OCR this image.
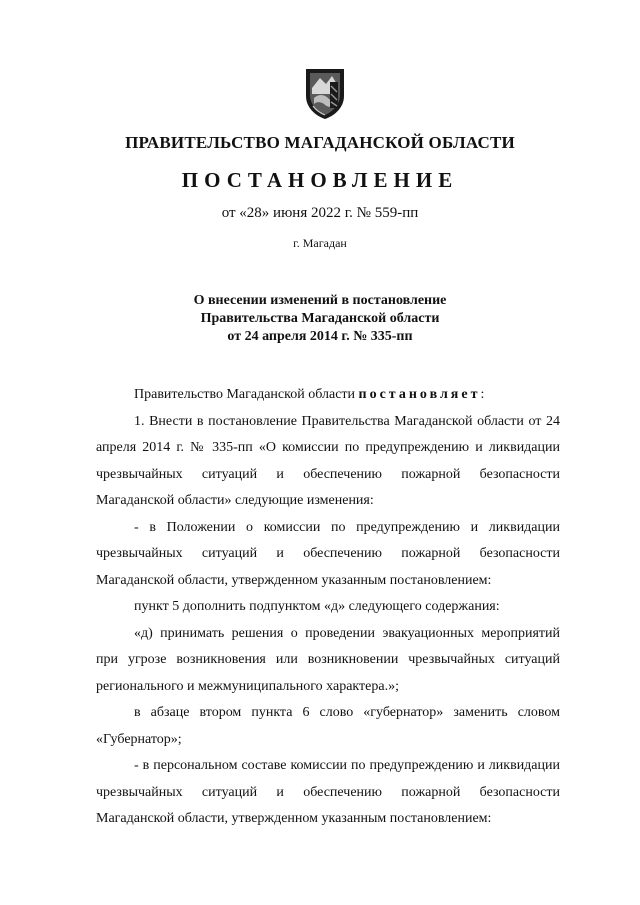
ПРАВИТЕЛЬСТВО МАГАДАНСКОЙ ОБЛАСТИ
ПОСТАНОВЛЕНИЕ
от «28» июня 2022 г. № 559-пп
г. Магадан
О внесении изменений в постановление
Правительства Магаданской области
от 24 апреля 2014 г. № 335-пп

Правительство Магаданской области постановляет:

1. Внести в постановление Правительства Магаданской области от 24 апреля 2014 г. № 335-пп «О комиссии по предупреждению и ликвидации чрезвычайных ситуаций и обеспечению пожарной безопасности Магаданской области» следующие изменения:

- в Положении о комиссии по предупреждению и ликвидации чрезвычайных ситуаций и обеспечению пожарной безопасности Магаданской области, утвержденном указанным постановлением:

пункт 5 дополнить подпунктом «д» следующего содержания:

«д) принимать решения о проведении эвакуационных мероприятий при угрозе возникновения или возникновении чрезвычайных ситуаций регионального и межмуниципального характера.»;

в абзаце втором пункта 6 слово «губернатор» заменить словом «Губернатор»;

- в персональном составе комиссии по предупреждению и ликвидации чрезвычайных ситуаций и обеспечению пожарной безопасности Магаданской области, утвержденном указанным постановлением:
